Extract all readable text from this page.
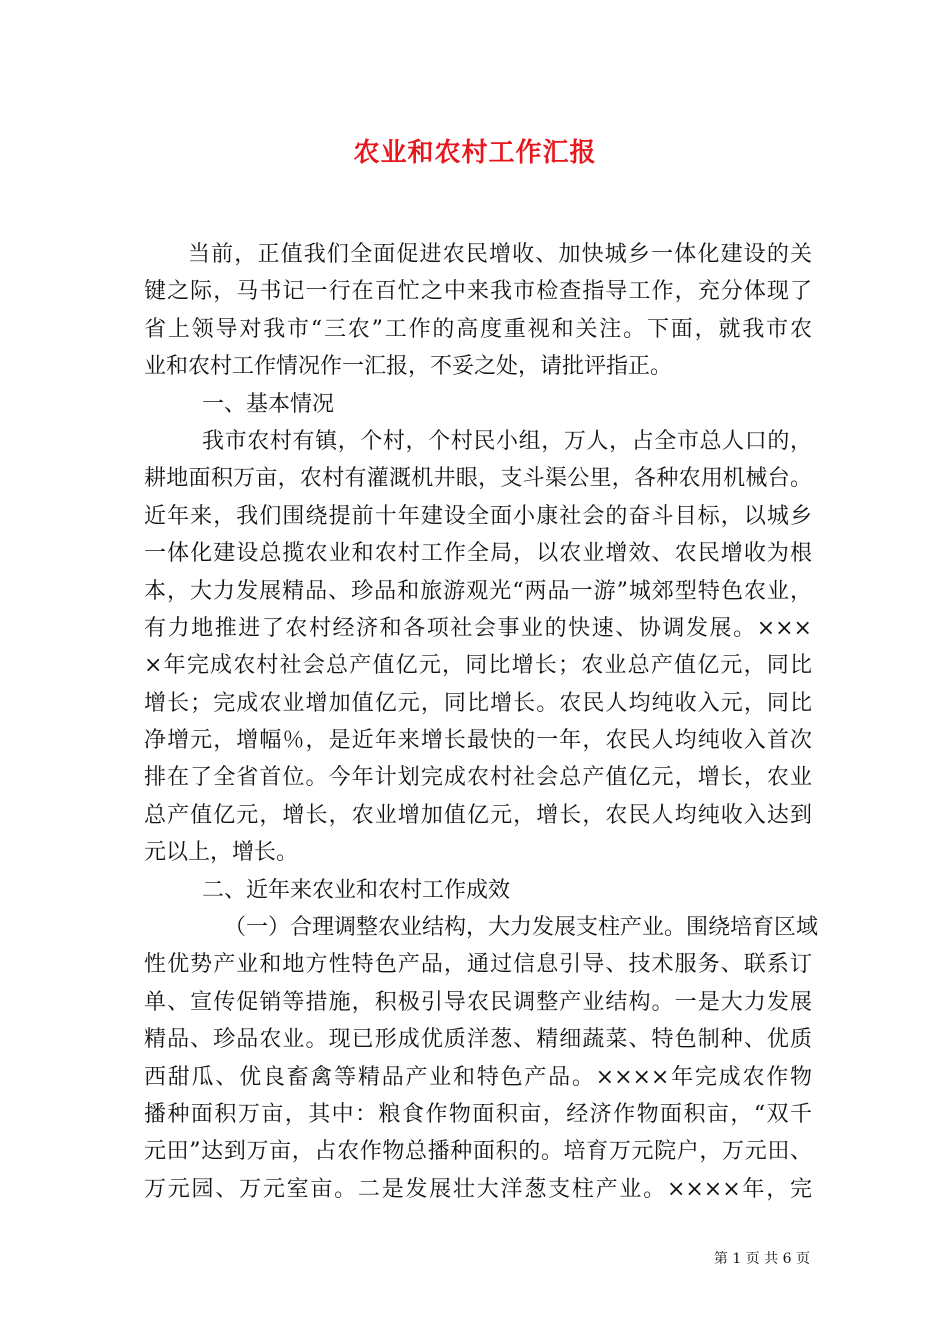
农业和农村工作汇报
当前，正值我们全面促进农民增收、加快城乡一体化建设的关
键之际，马书记一行在百忙之中来我市检查指导工作，充分体现了
省上领导对我市“三农”工作的高度重视和关注。下面，就我市农
业和农村工作情况作一汇报，不妥之处，请批评指正。
一、基本情况
我市农村有镇，个村，个村民小组，万人，占全市总人口的，
耕地面积万亩，农村有灌溉机井眼，支斗渠公里，各种农用机械台。
近年来，我们围绕提前十年建设全面小康社会的奋斗目标，以城乡
一体化建设总揽农业和农村工作全局，以农业增效、农民增收为根
本，大力发展精品、珍品和旅游观光“两品一游”城郊型特色农业，
有力地推进了农村经济和各项社会事业的快速、协调发展。×××
×年完成农村社会总产值亿元，同比增长；农业总产值亿元，同比
增长；完成农业增加值亿元，同比增长。农民人均纯收入元，同比
净增元，增幅％，是近年来增长最快的一年，农民人均纯收入首次
排在了全省首位。今年计划完成农村社会总产值亿元，增长，农业
总产值亿元，增长，农业增加值亿元，增长，农民人均纯收入达到
元以上，增长。
二、近年来农业和农村工作成效
（一）合理调整农业结构，大力发展支柱产业。围绕培育区域
性优势产业和地方性特色产品，通过信息引导、技术服务、联系订
单、宣传促销等措施，积极引导农民调整产业结构。一是大力发展
精品、珍品农业。现已形成优质洋葱、精细蔬菜、特色制种、优质
西甜瓜、优良畜禽等精品产业和特色产品。××××年完成农作物
播种面积万亩，其中：粮食作物面积亩，经济作物面积亩，“双千
元田”达到万亩，占农作物总播种面积的。培育万元院户，万元田、
万元园、万元室亩。二是发展壮大洋葱支柱产业。××××年，完
第 1 页 共 6 页
